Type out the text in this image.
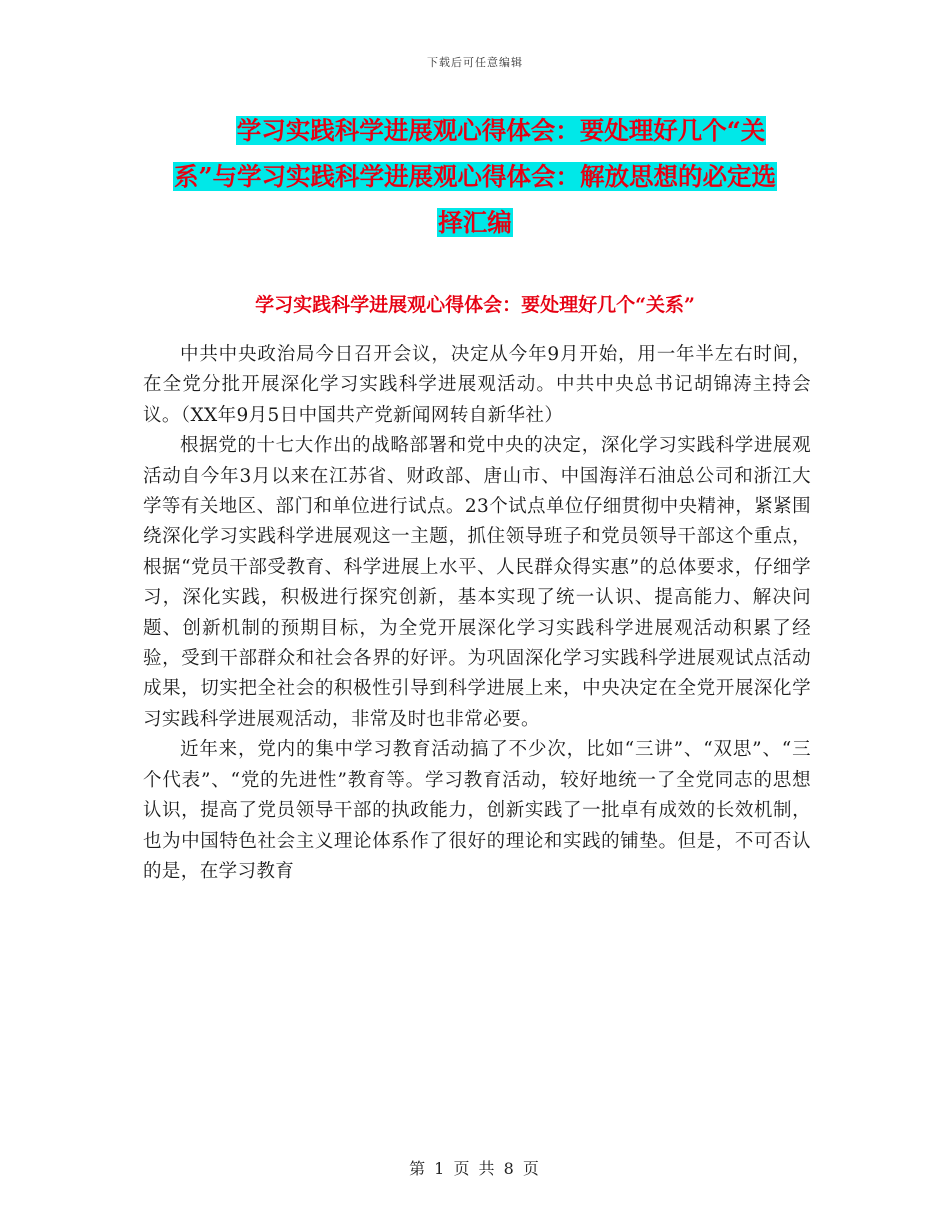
下载后可任意编辑
学习实践科学进展观心得体会：要处理好几个“关
系”与学习实践科学进展观心得体会：解放思想的必定选
择汇编
学习实践科学进展观心得体会：要处理好几个“关系”

中共中央政治局今日召开会议，决定从今年9月开始，用一年半左右时间，在全党分批开展深化学习实践科学进展观活动。中共中央总书记胡锦涛主持会议。（XX年9月5日中国共产党新闻网转自新华社）

根据党的十七大作出的战略部署和党中央的决定，深化学习实践科学进展观活动自今年3月以来在江苏省、财政部、唐山市、中国海洋石油总公司和浙江大学等有关地区、部门和单位进行试点。23个试点单位仔细贯彻中央精神，紧紧围绕深化学习实践科学进展观这一主题，抓住领导班子和党员领导干部这个重点，根据“党员干部受教育、科学进展上水平、人民群众得实惠”的总体要求，仔细学习，深化实践，积极进行探究创新，基本实现了统一认识、提高能力、解决问题、创新机制的预期目标，为全党开展深化学习实践科学进展观活动积累了经验，受到干部群众和社会各界的好评。为巩固深化学习实践科学进展观试点活动成果，切实把全社会的积极性引导到科学进展上来，中央决定在全党开展深化学习实践科学进展观活动，非常及时也非常必要。

近年来，党内的集中学习教育活动搞了不少次，比如“三讲”、“双思”、“三个代表”、“党的先进性”教育等。学习教育活动，较好地统一了全党同志的思想认识，提高了党员领导干部的执政能力，创新实践了一批卓有成效的长效机制，也为中国特色社会主义理论体系作了很好的理论和实践的铺垫。但是，不可否认的是，在学习教育

第 1 页 共 8 页
